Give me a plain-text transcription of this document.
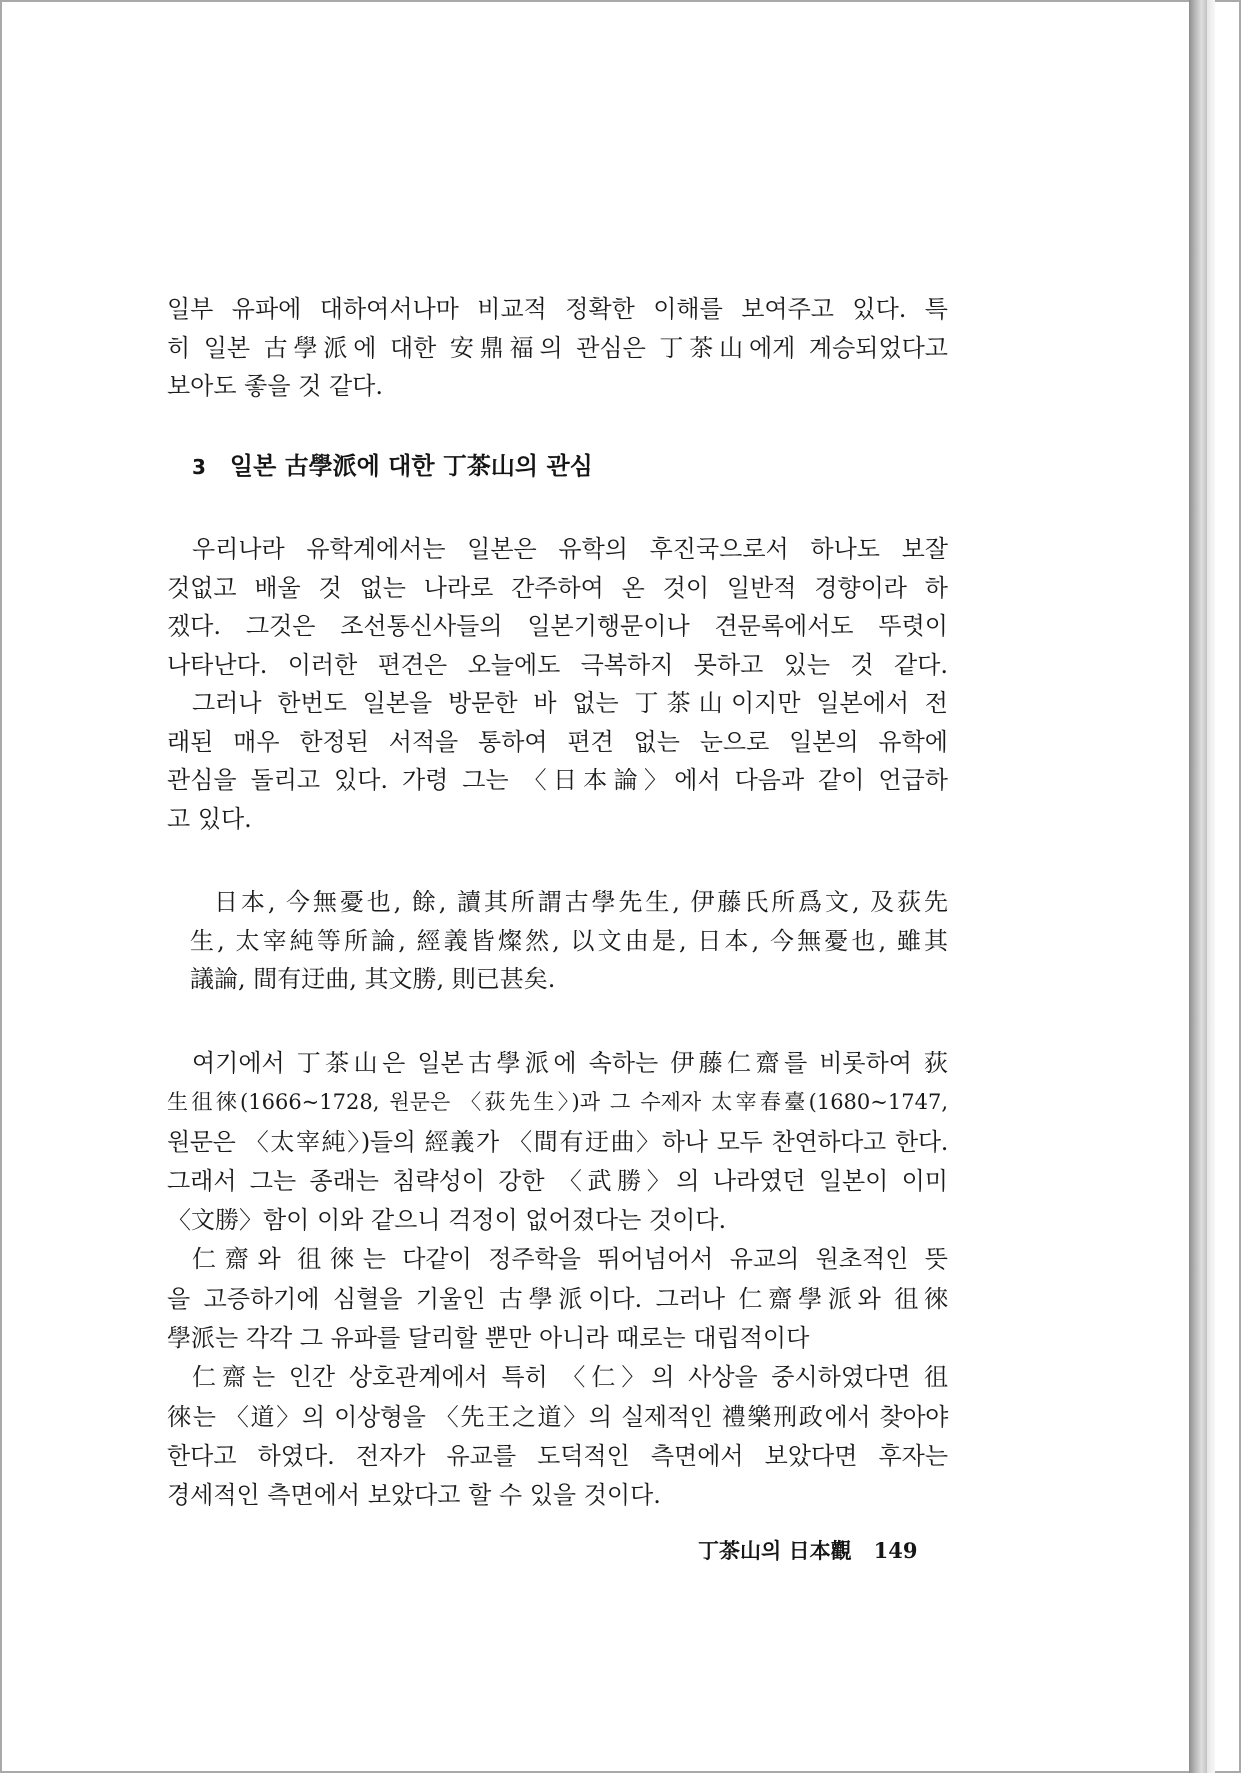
일부 유파에 대하여서나마 비교적 정확한 이해를 보여주고 있다. 특
히 일본 古學派에 대한 安鼎福의 관심은 丁茶山에게 계승되었다고
보아도 좋을 것 같다.
3 일본 古學派에 대한 丁茶山의 관심
우리나라 유학계에서는 일본은 유학의 후진국으로서 하나도 보잘
것없고 배울 것 없는 나라로 간주하여 온 것이 일반적 경향이라 하
겠다. 그것은 조선통신사들의 일본기행문이나 견문록에서도 뚜렷이
나타난다. 이러한 편견은 오늘에도 극복하지 못하고 있는 것 같다.
그러나 한번도 일본을 방문한 바 없는 丁茶山이지만 일본에서 전
래된 매우 한정된 서적을 통하여 편견 없는 눈으로 일본의 유학에
관심을 돌리고 있다. 가령 그는 〈日本論〉에서 다음과 같이 언급하
고 있다.
日本, 今無憂也, 餘, 讀其所謂古學先生, 伊藤氏所爲文, 及荻先
生, 太宰純等所論, 經義皆燦然, 以文由是, 日本, 今無憂也, 雖其
議論, 間有迂曲, 其文勝, 則已甚矣.
여기에서 丁茶山은 일본古學派에 속하는 伊藤仁齋를 비롯하여 荻
生徂徠(1666~1728, 원문은 〈荻先生〉)과 그 수제자 太宰春臺(1680~1747,
원문은 〈太宰純〉)들의 經義가 〈間有迂曲〉하나 모두 찬연하다고 한다.
그래서 그는 종래는 침략성이 강한 〈武勝〉의 나라였던 일본이 이미
〈文勝〉함이 이와 같으니 걱정이 없어졌다는 것이다.
仁齋와 徂徠는 다같이 정주학을 뛰어넘어서 유교의 원초적인 뜻
을 고증하기에 심혈을 기울인 古學派이다. 그러나 仁齋學派와 徂徠
學派는 각각 그 유파를 달리할 뿐만 아니라 때로는 대립적이다
仁齋는 인간 상호관계에서 특히 〈仁〉의 사상을 중시하였다면 徂
徠는 〈道〉의 이상형을 〈先王之道〉의 실제적인 禮樂刑政에서 찾아야
한다고 하였다. 전자가 유교를 도덕적인 측면에서 보았다면 후자는
경세적인 측면에서 보았다고 할 수 있을 것이다.
丁茶山의 日本觀 149
